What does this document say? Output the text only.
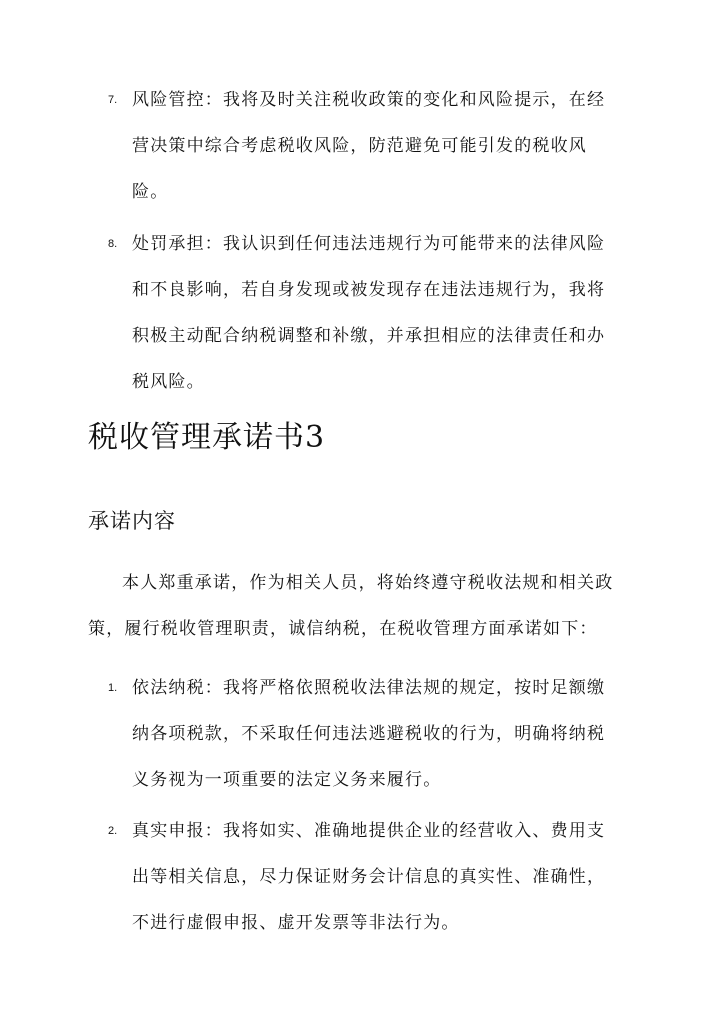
7. 风险管控：我将及时关注税收政策的变化和风险提示，在经营决策中综合考虑税收风险，防范避免可能引发的税收风险。
8. 处罚承担：我认识到任何违法违规行为可能带来的法律风险和不良影响，若自身发现或被发现存在违法违规行为，我将积极主动配合纳税调整和补缴，并承担相应的法律责任和办税风险。
税收管理承诺书3
承诺内容
本人郑重承诺，作为相关人员，将始终遵守税收法规和相关政策，履行税收管理职责，诚信纳税，在税收管理方面承诺如下：
1. 依法纳税：我将严格依照税收法律法规的规定，按时足额缴纳各项税款，不采取任何违法逃避税收的行为，明确将纳税义务视为一项重要的法定义务来履行。
2. 真实申报：我将如实、准确地提供企业的经营收入、费用支出等相关信息，尽力保证财务会计信息的真实性、准确性，不进行虚假申报、虚开发票等非法行为。
